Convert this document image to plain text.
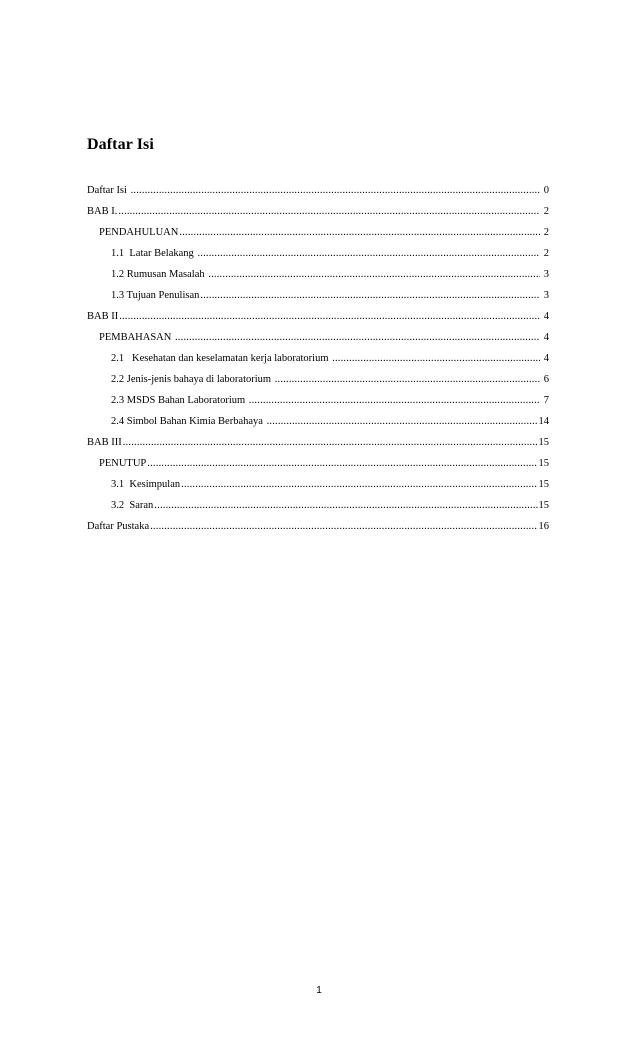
Daftar Isi
Daftar Isi .....	0
BAB I. .....	2
PENDAHULUAN .....	2
1.1  Latar Belakang .....	2
1.2 Rumusan Masalah .....	3
1.3 Tujuan Penulisan .....	3
BAB II .....	4
PEMBAHASAN .....	4
2.1   Kesehatan dan keselamatan kerja laboratorium .....	4
2.2 Jenis-jenis bahaya di laboratorium .....	6
2.3 MSDS Bahan Laboratorium .....	7
2.4 Simbol Bahan Kimia Berbahaya .....	14
BAB III .....	15
PENUTUP .....	15
3.1  Kesimpulan .....	15
3.2  Saran .....	15
Daftar Pustaka .....	16
1
